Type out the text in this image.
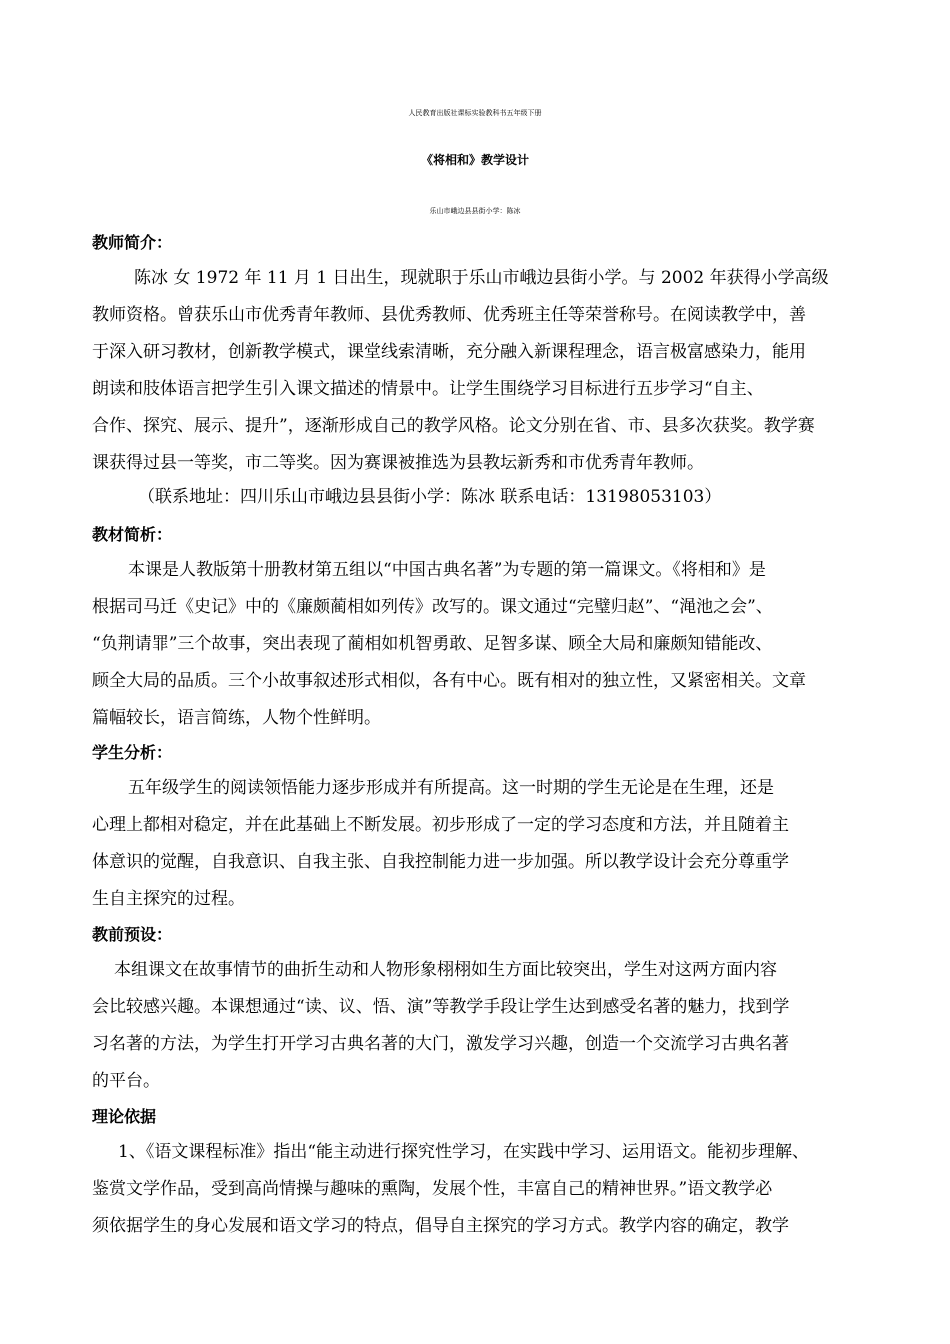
人民教育出版社课标实验教科书五年级下册
《将相和》教学设计
乐山市峨边县县街小学：陈冰
教师简介：
陈冰 女 1972 年 11 月 1 日出生，现就职于乐山市峨边县街小学。与 2002 年获得小学高级
教师资格。曾获乐山市优秀青年教师、县优秀教师、优秀班主任等荣誉称号。在阅读教学中，善
于深入研习教材，创新教学模式，课堂线索清晰，充分融入新课程理念，语言极富感染力，能用
朗读和肢体语言把学生引入课文描述的情景中。让学生围绕学习目标进行五步学习“自主、
合作、探究、展示、提升”，逐渐形成自己的教学风格。论文分别在省、市、县多次获奖。教学赛
课获得过县一等奖，市二等奖。因为赛课被推选为县教坛新秀和市优秀青年教师。
（联系地址：四川乐山市峨边县县街小学：陈冰 联系电话：13198053103）
教材简析：
本课是人教版第十册教材第五组以“中国古典名著”为专题的第一篇课文。《将相和》是
根据司马迁《史记》中的《廉颇蔺相如列传》改写的。课文通过“完璧归赵”、“渑池之会”、
“负荆请罪”三个故事，突出表现了蔺相如机智勇敢、足智多谋、顾全大局和廉颇知错能改、
顾全大局的品质。三个小故事叙述形式相似，各有中心。既有相对的独立性，又紧密相关。文章
篇幅较长，语言简练，人物个性鲜明。
学生分析：
五年级学生的阅读领悟能力逐步形成并有所提高。这一时期的学生无论是在生理，还是
心理上都相对稳定，并在此基础上不断发展。初步形成了一定的学习态度和方法，并且随着主
体意识的觉醒，自我意识、自我主张、自我控制能力进一步加强。所以教学设计会充分尊重学
生自主探究的过程。
教前预设：
本组课文在故事情节的曲折生动和人物形象栩栩如生方面比较突出，学生对这两方面内容
会比较感兴趣。本课想通过“读、议、悟、演”等教学手段让学生达到感受名著的魅力，找到学
习名著的方法，为学生打开学习古典名著的大门，激发学习兴趣，创造一个交流学习古典名著
的平台。
理论依据
1、《语文课程标准》指出“能主动进行探究性学习，在实践中学习、运用语文。能初步理解、
鉴赏文学作品，受到高尚情操与趣味的熏陶，发展个性，丰富自己的精神世界。”语文教学必
须依据学生的身心发展和语文学习的特点，倡导自主探究的学习方式。教学内容的确定，教学
